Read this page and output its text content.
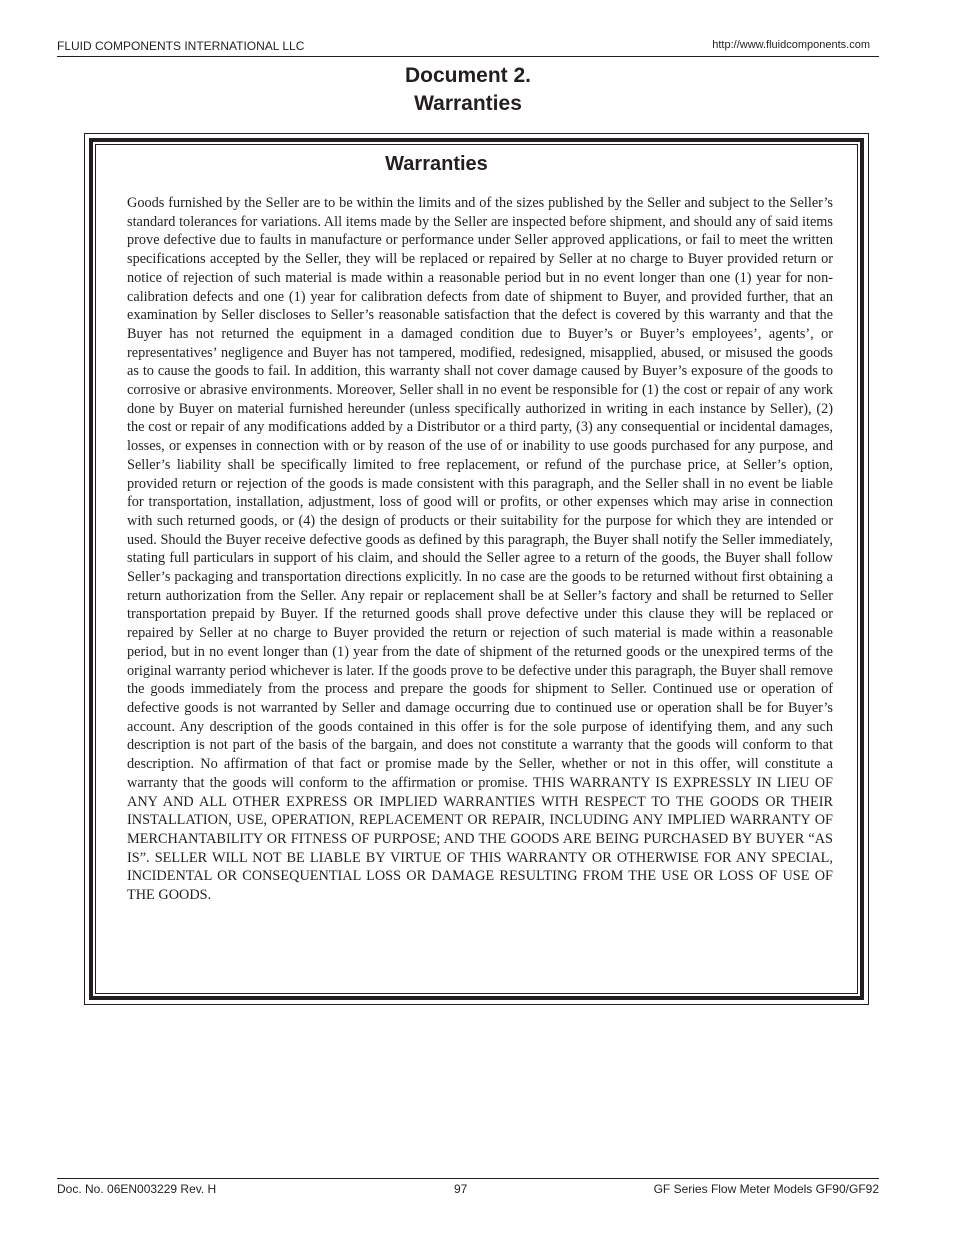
FLUID COMPONENTS INTERNATIONAL LLC	http://www.fluidcomponents.com
Document 2.
Warranties
Warranties

Goods furnished by the Seller are to be within the limits and of the sizes published by the Seller and subject to the Seller’s standard tolerances for variations. All items made by the Seller are inspected before shipment, and should any of said items prove defective due to faults in manufacture or performance under Seller approved applications, or fail to meet the written specifications accepted by the Seller, they will be replaced or repaired by Seller at no charge to Buyer provided return or notice of rejection of such material is made within a reasonable period but in no event longer than one (1) year for non-calibration defects and one (1) year for calibration defects from date of shipment to Buyer, and provided further, that an examination by Seller discloses to Seller’s reasonable satisfaction that the defect is covered by this warranty and that the Buyer has not returned the equipment in a damaged condition due to Buyer’s or Buyer’s employees’, agents’, or representatives’ negligence and Buyer has not tampered, modified, redesigned, misapplied, abused, or misused the goods as to cause the goods to fail. In addition, this warranty shall not cover damage caused by Buyer’s exposure of the goods to corrosive or abrasive environments. Moreover, Seller shall in no event be responsible for (1) the cost or repair of any work done by Buyer on material furnished hereunder (unless specifically authorized in writing in each instance by Seller), (2) the cost or repair of any modifications added by a Distributor or a third party, (3) any consequential or incidental damages, losses, or expenses in connection with or by reason of the use of or inability to use goods purchased for any purpose, and Seller’s liability shall be specifically limited to free replacement, or refund of the purchase price, at Seller’s option, provided return or rejection of the goods is made consistent with this paragraph, and the Seller shall in no event be liable for transportation, installation, adjustment, loss of good will or profits, or other expenses which may arise in connection with such returned goods, or (4) the design of products or their suitability for the purpose for which they are intended or used. Should the Buyer receive defective goods as defined by this paragraph, the Buyer shall notify the Seller immediately, stating full particulars in support of his claim, and should the Seller agree to a return of the goods, the Buyer shall follow Seller’s packaging and transportation directions explicitly. In no case are the goods to be returned without first obtaining a return authorization from the Seller. Any repair or replacement shall be at Seller’s factory and shall be returned to Seller transportation prepaid by Buyer. If the returned goods shall prove defective under this clause they will be replaced or repaired by Seller at no charge to Buyer provided the return or rejection of such material is made within a reasonable period, but in no event longer than (1) year from the date of shipment of the returned goods or the unexpired terms of the original warranty period whichever is later. If the goods prove to be defective under this paragraph, the Buyer shall remove the goods immediately from the process and prepare the goods for shipment to Seller. Continued use or operation of defective goods is not warranted by Seller and damage occurring due to continued use or operation shall be for Buyer’s account. Any description of the goods contained in this offer is for the sole purpose of identifying them, and any such description is not part of the basis of the bargain, and does not constitute a warranty that the goods will conform to that description. No affirmation of that fact or promise made by the Seller, whether or not in this offer, will constitute a warranty that the goods will conform to the affirmation or promise. THIS WARRANTY IS EXPRESSLY IN LIEU OF ANY AND ALL OTHER EXPRESS OR IMPLIED WARRANTIES WITH RESPECT TO THE GOODS OR THEIR INSTALLATION, USE, OPERATION, REPLACEMENT OR REPAIR, INCLUDING ANY IMPLIED WARRANTY OF MERCHANTABILITY OR FITNESS OF PURPOSE; AND THE GOODS ARE BEING PURCHASED BY BUYER “AS IS”. SELLER WILL NOT BE LIABLE BY VIRTUE OF THIS WARRANTY OR OTHERWISE FOR ANY SPECIAL, INCIDENTAL OR CONSEQUENTIAL LOSS OR DAMAGE RESULTING FROM THE USE OR LOSS OF USE OF THE GOODS.

Doc. No. 06EN003229 Rev. H	97	GF Series Flow Meter Models GF90/GF92
